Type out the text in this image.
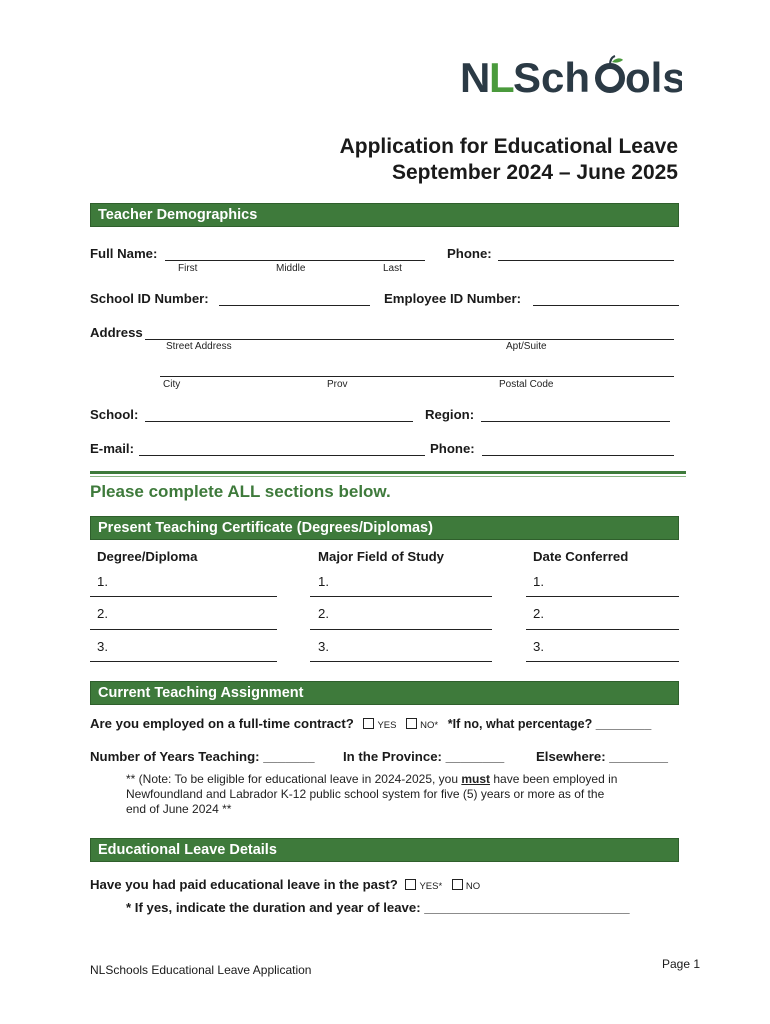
N
L
Sch ols
Application for Educational Leave
September 2024 – June 2025
Teacher Demographics
Full Name:
First	Middle	Last
Phone:
School ID Number:	Employee ID Number:
Address
Street Address	Apt/Suite
City	Prov	Postal Code
School:	Region:
E-mail:	Phone:
Please complete ALL sections below.
Present Teaching Certificate (Degrees/Diplomas)
Degree/Diploma	Major Field of Study	Date Conferred
1.	1.	1.
2.	2.	2.
3.	3.	3.
Current Teaching Assignment
Are you employed on a full-time contract? YES NO* *If no, what percentage? ________
Number of Years Teaching: _______ In the Province: ________ Elsewhere: ________
** (Note: To be eligible for educational leave in 2024-2025, you must have been employed in Newfoundland and Labrador K-12 public school system for five (5) years or more as of the end of June 2024 **
Educational Leave Details
Have you had paid educational leave in the past? YES* NO
* If yes, indicate the duration and year of leave: ____________________________
NLSchools Educational Leave Application	Page 1
